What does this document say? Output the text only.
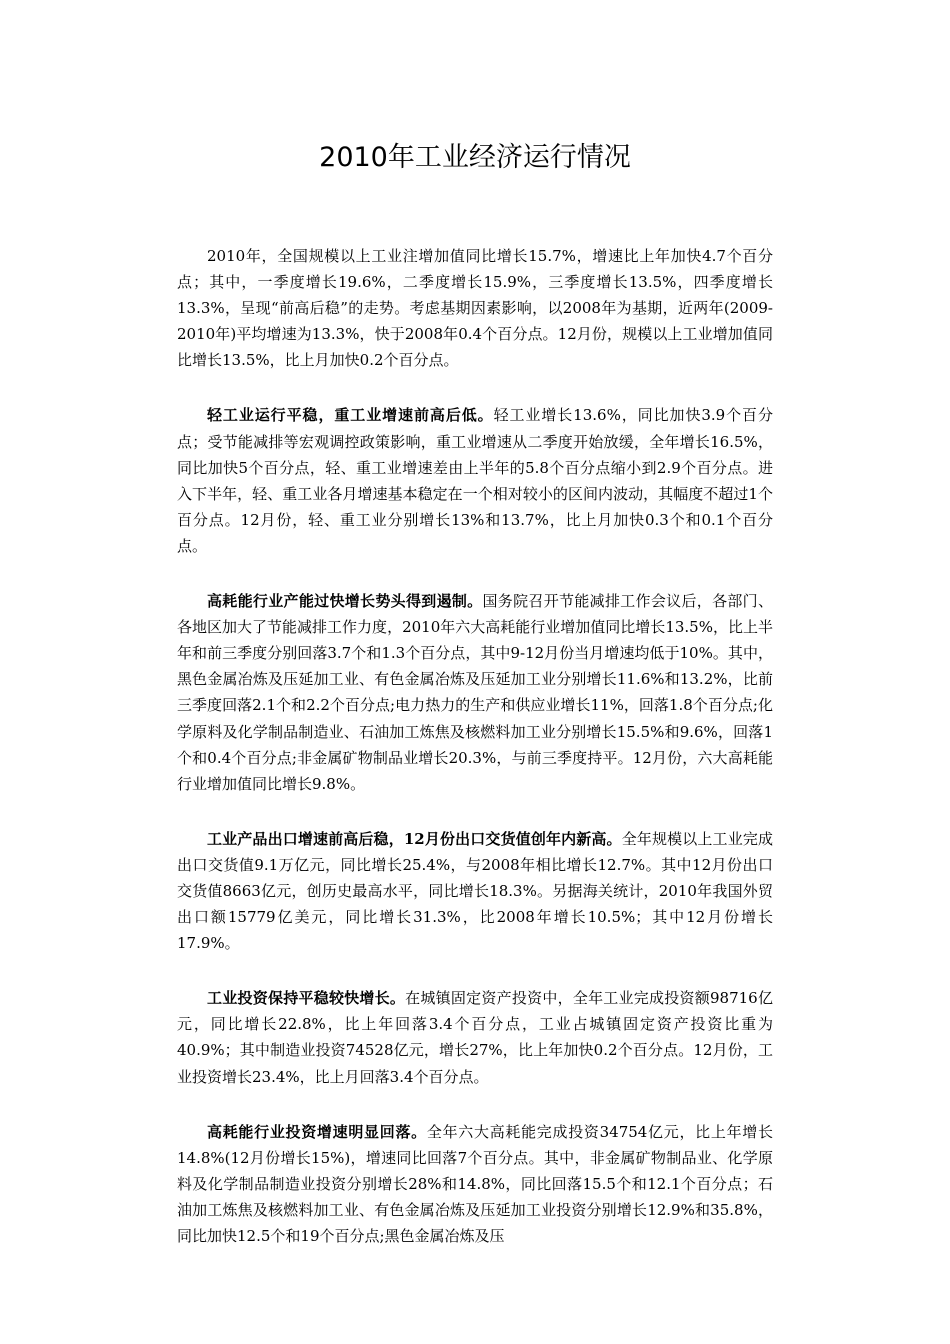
2010年工业经济运行情况

2010年，全国规模以上工业注增加值同比增长15.7%，增速比上年加快4.7个百分点；其中，一季度增长19.6%，二季度增长15.9%，三季度增长13.5%，四季度增长13.3%，呈现“前高后稳”的走势。考虑基期因素影响，以2008年为基期，近两年(2009-2010年)平均增速为13.3%，快于2008年0.4个百分点。12月份，规模以上工业增加值同比增长13.5%，比上月加快0.2个百分点。

轻工业运行平稳，重工业增速前高后低。轻工业增长13.6%，同比加快3.9个百分点；受节能减排等宏观调控政策影响，重工业增速从二季度开始放缓，全年增长16.5%，同比加快5个百分点，轻、重工业增速差由上半年的5.8个百分点缩小到2.9个百分点。进入下半年，轻、重工业各月增速基本稳定在一个相对较小的区间内波动，其幅度不超过1个百分点。12月份，轻、重工业分别增长13%和13.7%，比上月加快0.3个和0.1个百分点。

高耗能行业产能过快增长势头得到遏制。国务院召开节能减排工作会议后，各部门、各地区加大了节能减排工作力度，2010年六大高耗能行业增加值同比增长13.5%，比上半年和前三季度分别回落3.7个和1.3个百分点，其中9-12月份当月增速均低于10%。其中，黑色金属冶炼及压延加工业、有色金属冶炼及压延加工业分别增长11.6%和13.2%，比前三季度回落2.1个和2.2个百分点;电力热力的生产和供应业增长11%，回落1.8个百分点;化学原料及化学制品制造业、石油加工炼焦及核燃料加工业分别增长15.5%和9.6%，回落1个和0.4个百分点;非金属矿物制品业增长20.3%，与前三季度持平。12月份，六大高耗能行业增加值同比增长9.8%。

工业产品出口增速前高后稳，12月份出口交货值创年内新高。全年规模以上工业完成出口交货值9.1万亿元，同比增长25.4%，与2008年相比增长12.7%。其中12月份出口交货值8663亿元，创历史最高水平，同比增长18.3%。另据海关统计，2010年我国外贸出口额15779亿美元，同比增长31.3%，比2008年增长10.5%；其中12月份增长17.9%。

工业投资保持平稳较快增长。在城镇固定资产投资中，全年工业完成投资额98716亿元，同比增长22.8%，比上年回落3.4个百分点，工业占城镇固定资产投资比重为40.9%；其中制造业投资74528亿元，增长27%，比上年加快0.2个百分点。12月份，工业投资增长23.4%，比上月回落3.4个百分点。

高耗能行业投资增速明显回落。全年六大高耗能完成投资34754亿元，比上年增长14.8%(12月份增长15%)，增速同比回落7个百分点。其中，非金属矿物制品业、化学原料及化学制品制造业投资分别增长28%和14.8%，同比回落15.5个和12.1个百分点；石油加工炼焦及核燃料加工业、有色金属冶炼及压延加工业投资分别增长12.9%和35.8%，同比加快12.5个和19个百分点;黑色金属冶炼及压
